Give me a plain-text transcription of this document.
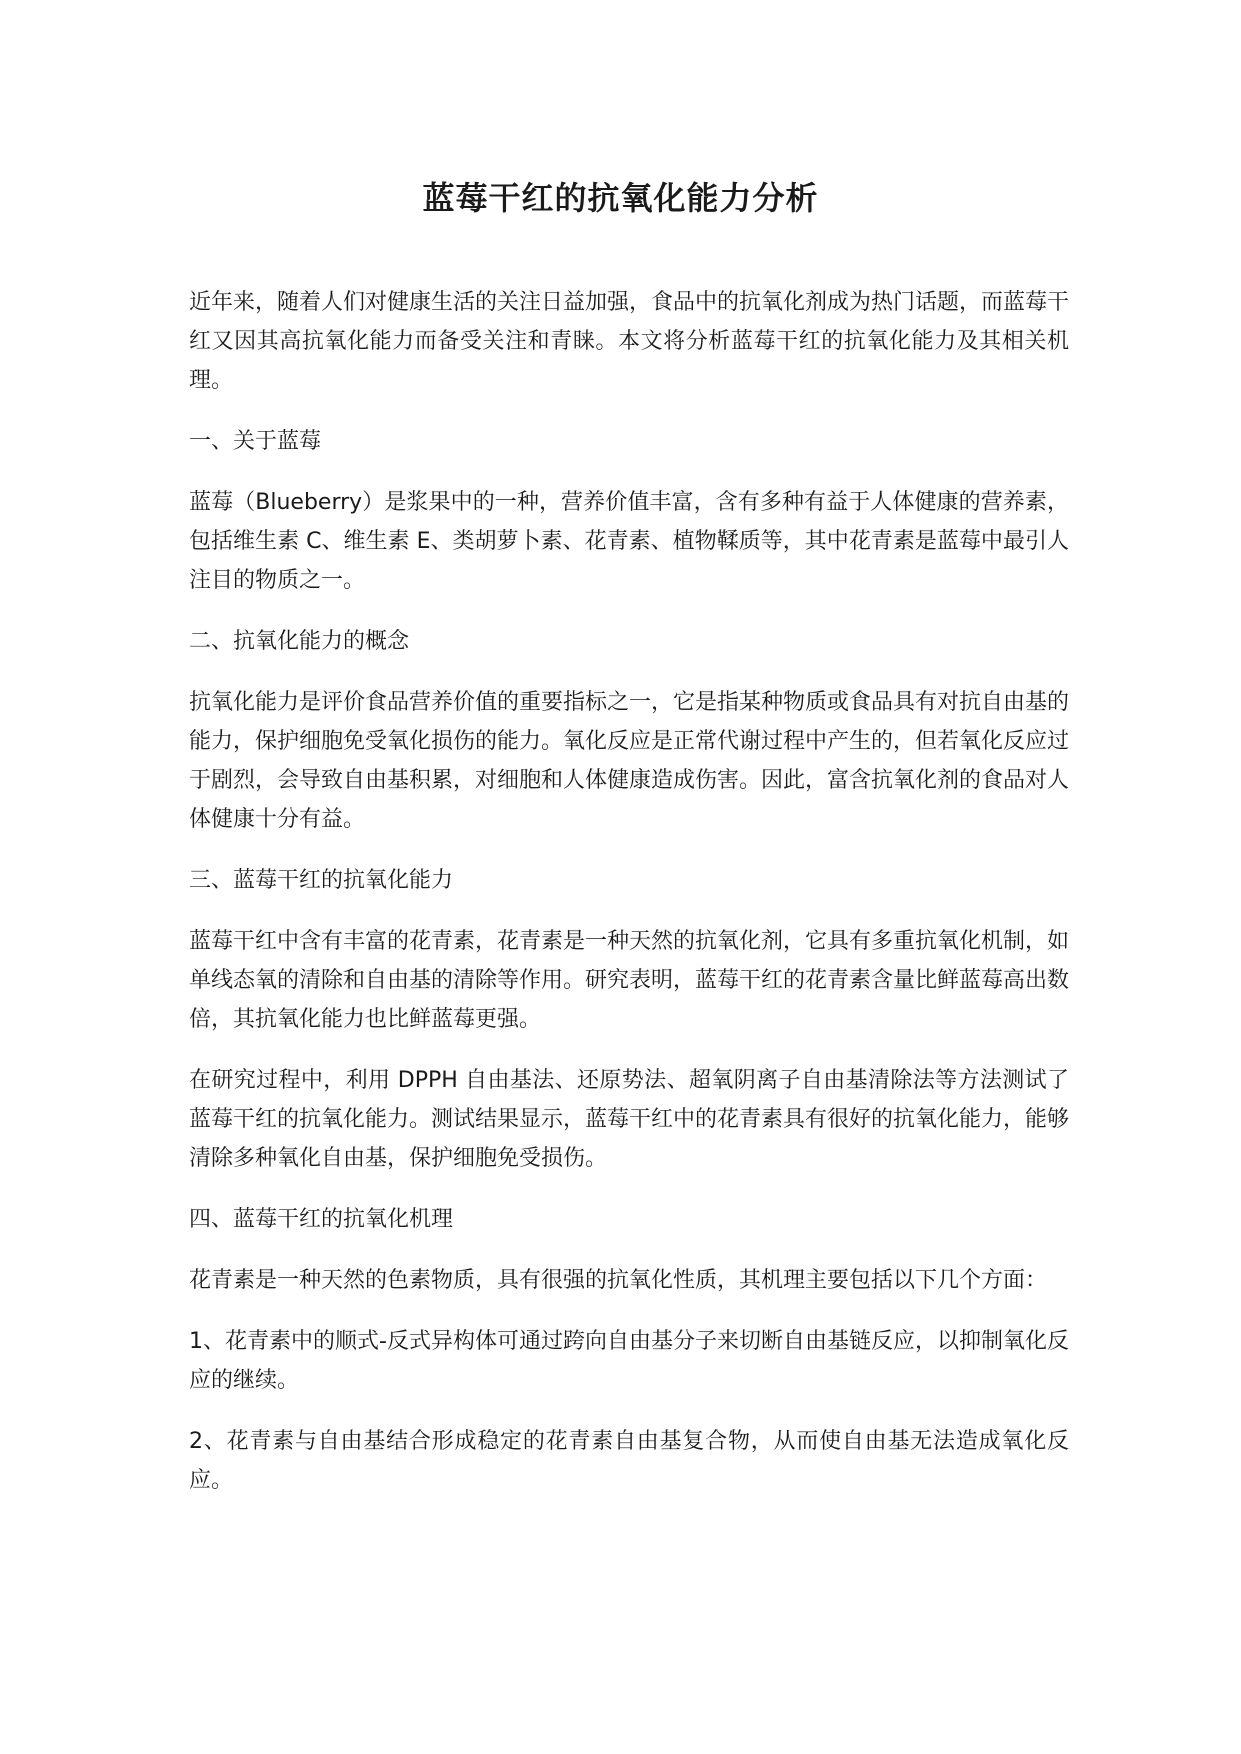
蓝莓干红的抗氧化能力分析

近年来，随着人们对健康生活的关注日益加强，食品中的抗氧化剂成为热门话题，而蓝莓干红又因其高抗氧化能力而备受关注和青睐。本文将分析蓝莓干红的抗氧化能力及其相关机理。

一、关于蓝莓

蓝莓（Blueberry）是浆果中的一种，营养价值丰富，含有多种有益于人体健康的营养素，包括维生素 C、维生素 E、类胡萝卜素、花青素、植物鞣质等，其中花青素是蓝莓中最引人注目的物质之一。

二、抗氧化能力的概念

抗氧化能力是评价食品营养价值的重要指标之一，它是指某种物质或食品具有对抗自由基的能力，保护细胞免受氧化损伤的能力。氧化反应是正常代谢过程中产生的，但若氧化反应过于剧烈，会导致自由基积累，对细胞和人体健康造成伤害。因此，富含抗氧化剂的食品对人体健康十分有益。

三、蓝莓干红的抗氧化能力

蓝莓干红中含有丰富的花青素，花青素是一种天然的抗氧化剂，它具有多重抗氧化机制，如单线态氧的清除和自由基的清除等作用。研究表明，蓝莓干红的花青素含量比鲜蓝莓高出数倍，其抗氧化能力也比鲜蓝莓更强。

在研究过程中，利用 DPPH 自由基法、还原势法、超氧阴离子自由基清除法等方法测试了蓝莓干红的抗氧化能力。测试结果显示，蓝莓干红中的花青素具有很好的抗氧化能力，能够清除多种氧化自由基，保护细胞免受损伤。

四、蓝莓干红的抗氧化机理

花青素是一种天然的色素物质，具有很强的抗氧化性质，其机理主要包括以下几个方面：

1、花青素中的顺式-反式异构体可通过跨向自由基分子来切断自由基链反应，以抑制氧化反应的继续。

2、花青素与自由基结合形成稳定的花青素自由基复合物，从而使自由基无法造成氧化反应。
